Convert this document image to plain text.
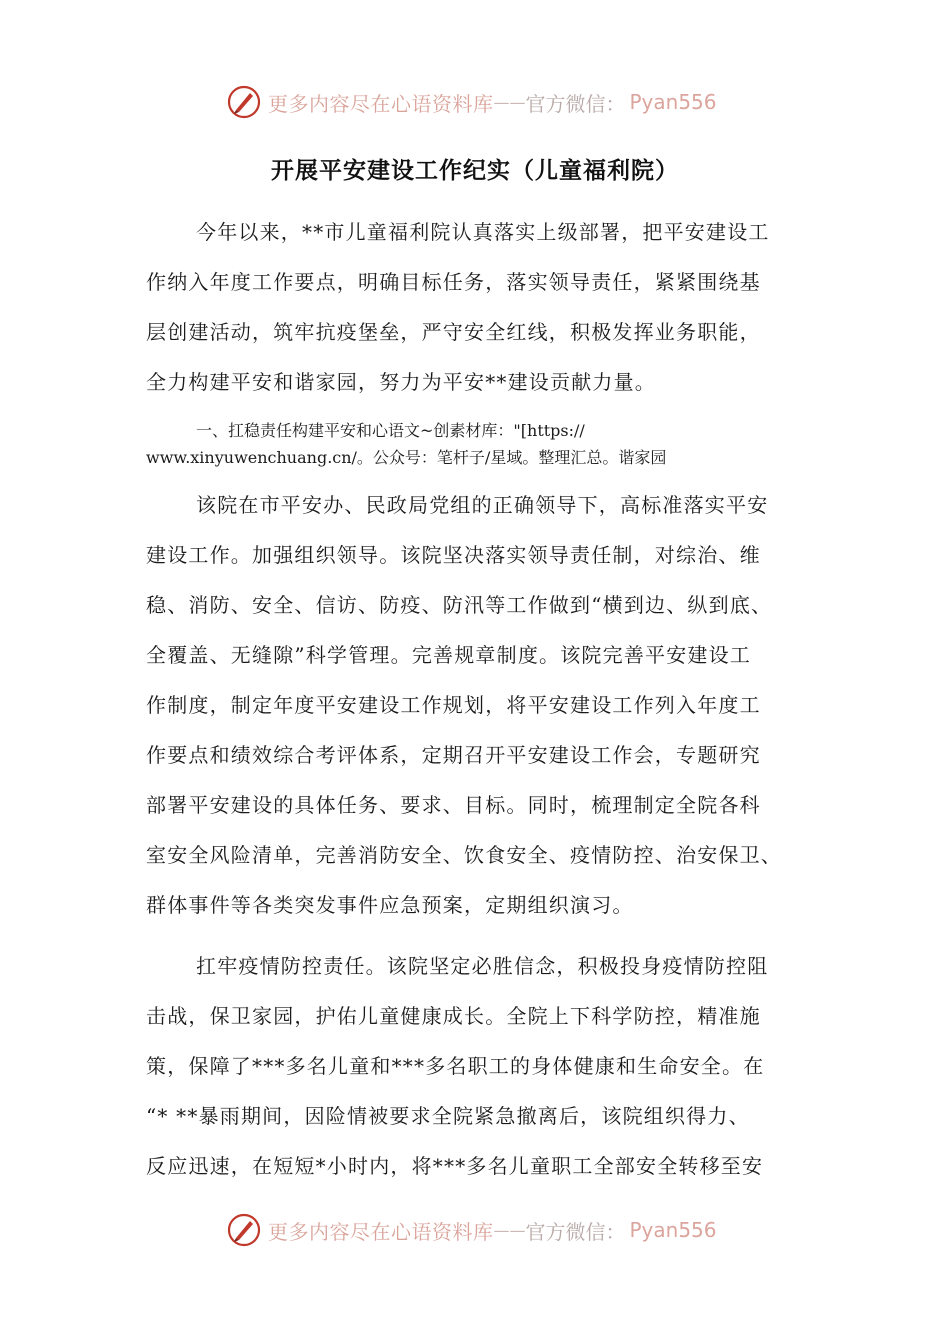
更多内容尽在心语资料库 —— 官方微信： Pyan556
开展平安建设工作纪实（儿童福利院）
今年以来，**市儿童福利院认真落实上级部署，把平安建设工
作纳入年度工作要点，明确目标任务，落实领导责任，紧紧围绕基
层创建活动，筑牢抗疫堡垒，严守安全红线，积极发挥业务职能，
全力构建平安和谐家园，努力为平安**建设贡献力量。
一、扛稳责任构建平安和心语文~创素材库："[https://
www.xinyuwenchuang.cn/。公众号：笔杆子/星域。整理汇总。谐家园
该院在市平安办、民政局党组的正确领导下，高标准落实平安
建设工作。加强组织领导。该院坚决落实领导责任制，对综治、维
稳、消防、安全、信访、防疫、防汛等工作做到“横到边、纵到底、
全覆盖、无缝隙”科学管理。完善规章制度。该院完善平安建设工
作制度，制定年度平安建设工作规划，将平安建设工作列入年度工
作要点和绩效综合考评体系，定期召开平安建设工作会，专题研究
部署平安建设的具体任务、要求、目标。同时，梳理制定全院各科
室安全风险清单，完善消防安全、饮食安全、疫情防控、治安保卫、
群体事件等各类突发事件应急预案，定期组织演习。
扛牢疫情防控责任。该院坚定必胜信念，积极投身疫情防控阻
击战，保卫家园，护佑儿童健康成长。全院上下科学防控，精准施
策，保障了***多名儿童和***多名职工的身体健康和生命安全。在
“* **暴雨期间，因险情被要求全院紧急撤离后，该院组织得力、
反应迅速，在短短*小时内，将***多名儿童职工全部安全转移至安
更多内容尽在心语资料库 —— 官方微信： Pyan556
